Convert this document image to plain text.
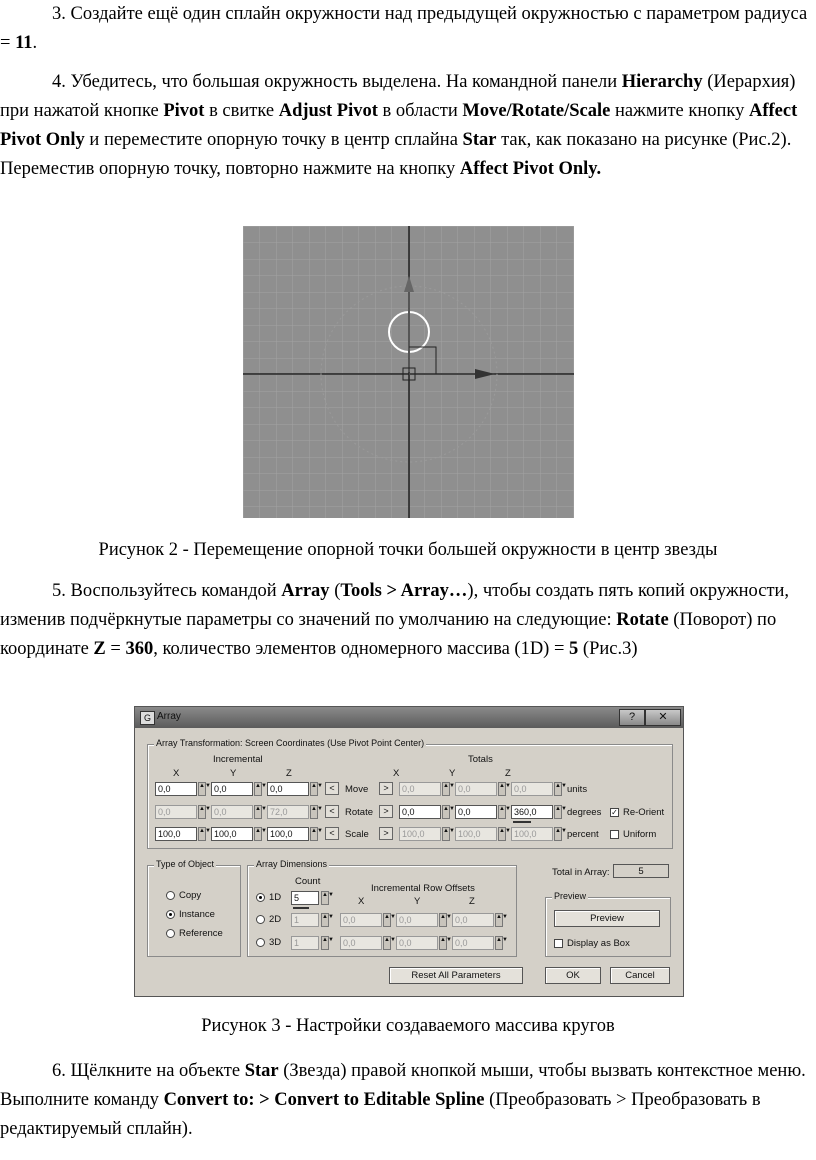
3. Создайте ещё один сплайн окружности над предыдущей окружностью с параметром радиуса = 11.
4. Убедитесь, что большая окружность выделена. На командной панели Hierarchy (Иерархия) при нажатой кнопке Pivot в свитке Adjust Pivot в области Move/Rotate/Scale нажмите кнопку Affect Pivot Only и переместите опорную точку в центр сплайна Star так, как показано на рисунке (Рис.2). Переместив опорную точку, повторно нажмите на кнопку Affect Pivot Only.
Рисунок 2 - Перемещение опорной точки большей окружности в центр звезды
5. Воспользуйтесь командой Array (Tools > Array…), чтобы создать пять копий окружности, изменив подчёркнутые параметры со значений по умолчанию на следующие: Rotate (Поворот) по координате Z = 360, количество элементов одномерного массива (1D) = 5 (Рис.3)
G Array	?	✕
Array Transformation: Screen Coordinates (Use Pivot Point Center)
Incremental	Totals
X	Y	Z	X	Y	Z
0,0	▲▼ 0,0	▲▼ 0,0	▲▼ <	Move	>	0,0	▲▼ 0,0	▲▼ 0,0	▲▼ units
0,0	▲▼ 0,0	▲▼ 72,0	▲▼ <	Rotate	>	0,0	▲▼ 0,0	▲▼ 360,0	▲▼ degrees ✓ Re-Orient
100,0	▲▼ 100,0	▲▼ 100,0	▲▼ <	Scale	>	100,0	▲▼ 100,0	▲▼ 100,0	▲▼ percent	Uniform
Type of Object
Copy
Instance
Reference
Array Dimensions
Count
Incremental Row Offsets
X	Y	Z
1D	5	▲▼
2D	1	▲▼	0,0	▲▼ 0,0	▲▼ 0,0	▲▼
3D	1	▲▼	0,0	▲▼ 0,0	▲▼ 0,0	▲▼
Total in Array:	5
Preview
Preview
Display as Box
Reset All Parameters	OK	Cancel
Рисунок 3 - Настройки создаваемого массива кругов
6. Щёлкните на объекте Star (Звезда) правой кнопкой мыши, чтобы вызвать контекстное меню. Выполните команду Convert to: > Convert to Editable Spline (Преобразовать > Преобразовать в редактируемый сплайн).
